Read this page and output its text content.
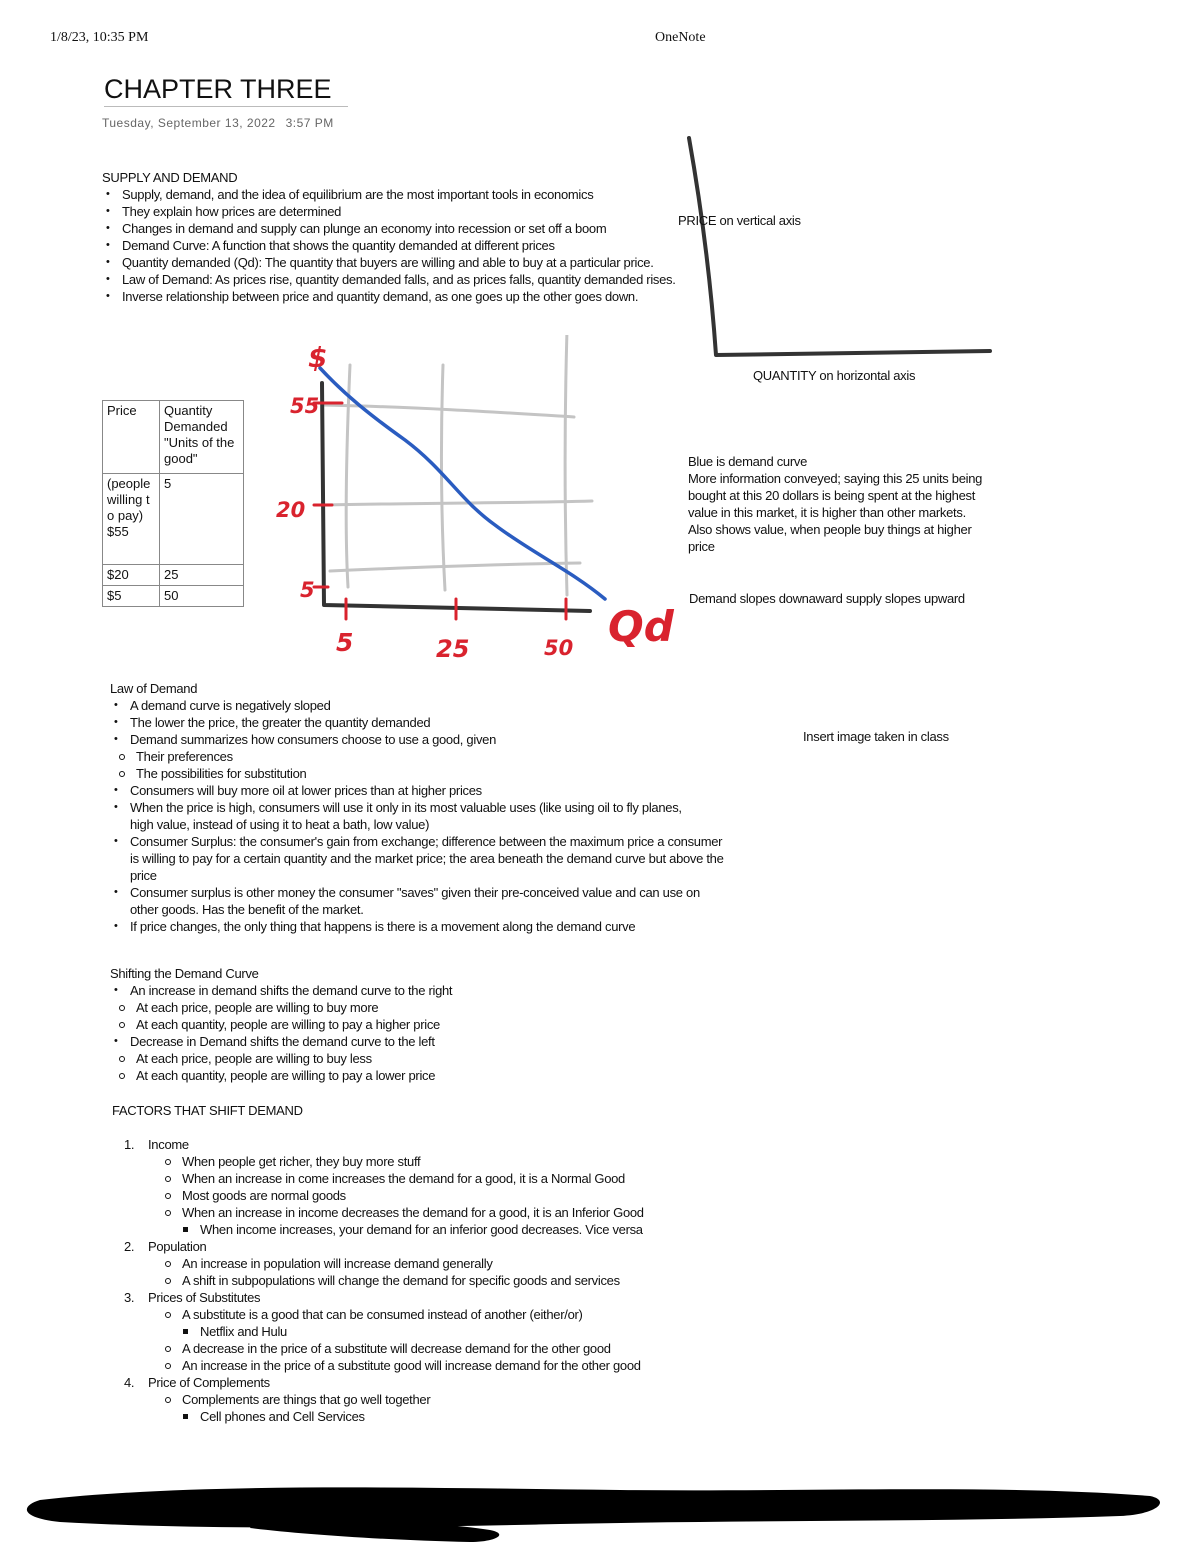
1/8/23, 10:35 PM	OneNote
CHAPTER THREE
Tuesday, September 13, 2022 3:57 PM
SUPPLY AND DEMAND
• Supply, demand, and the idea of equilibrium are the most important tools in economics
• They explain how prices are determined
• Changes in demand and supply can plunge an economy into recession or set off a boom
• Demand Curve: A function that shows the quantity demanded at different prices
• Quantity demanded (Qd): The quantity that buyers are willing and able to buy at a particular price.
• Law of Demand: As prices rise, quantity demanded falls, and as prices falls, quantity demanded rises.
• Inverse relationship between price and quantity demand, as one goes up the other goes down.
PRICE on vertical axis
QUANTITY on horizontal axis
Price	Quantity Demanded "Units of the good"
(people willing to pay) $55	5
$20	25
$5	50
$
55
20
5
5	25	50 Qd
Blue is demand curve
More information conveyed; saying this 25 units being bought at this 20 dollars is being spent at the highest value in this market, it is higher than other markets. Also shows value, when people buy things at higher price
Demand slopes downaward supply slopes upward
Insert image taken in class
Law of Demand
• A demand curve is negatively sloped
• The lower the price, the greater the quantity demanded
• Demand summarizes how consumers choose to use a good, given
Their preferences
The possibilities for substitution
• Consumers will buy more oil at lower prices than at higher prices
• When the price is high, consumers will use it only in its most valuable uses (like using oil to fly planes, high value, instead of using it to heat a bath, low value)
• Consumer Surplus: the consumer's gain from exchange; difference between the maximum price a consumer is willing to pay for a certain quantity and the market price; the area beneath the demand curve but above the price
• Consumer surplus is other money the consumer "saves" given their pre-conceived value and can use on other goods. Has the benefit of the market.
• If price changes, the only thing that happens is there is a movement along the demand curve
Shifting the Demand Curve
• An increase in demand shifts the demand curve to the right
At each price, people are willing to buy more
At each quantity, people are willing to pay a higher price
• Decrease in Demand shifts the demand curve to the left
At each price, people are willing to buy less
At each quantity, people are willing to pay a lower price
FACTORS THAT SHIFT DEMAND
1. Income
When people get richer, they buy more stuff
When an increase in come increases the demand for a good, it is a Normal Good
Most goods are normal goods
When an increase in income decreases the demand for a good, it is an Inferior Good
When income increases, your demand for an inferior good decreases. Vice versa
2. Population
An increase in population will increase demand generally
A shift in subpopulations will change the demand for specific goods and services
3. Prices of Substitutes
A substitute is a good that can be consumed instead of another (either/or)
Netflix and Hulu
A decrease in the price of a substitute will decrease demand for the other good
An increase in the price of a substitute good will increase demand for the other good
4. Price of Complements
Complements are things that go well together
Cell phones and Cell Services
